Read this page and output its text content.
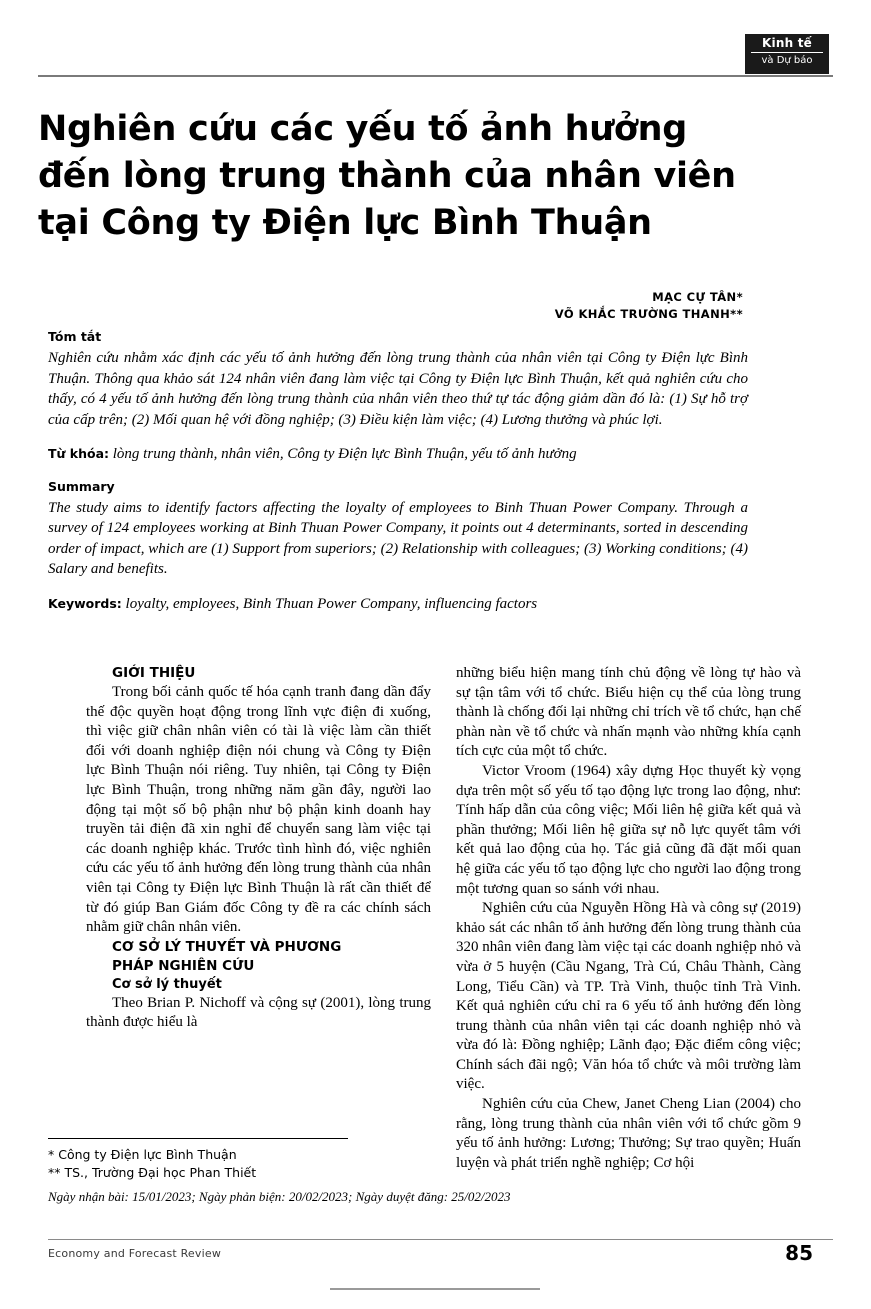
Kinh tế
và Dự báo
Nghiên cứu các yếu tố ảnh hưởng
đến lòng trung thành của nhân viên
tại Công ty Điện lực Bình Thuận
MẠC CỰ TÂN*
VÕ KHẮC TRƯỜNG THANH**

Tóm tắt

Nghiên cứu nhằm xác định các yếu tố ảnh hưởng đến lòng trung thành của nhân viên tại Công ty Điện lực Bình Thuận. Thông qua khảo sát 124 nhân viên đang làm việc tại Công ty Điện lực Bình Thuận, kết quả nghiên cứu cho thấy, có 4 yếu tố ảnh hưởng đến lòng trung thành của nhân viên theo thứ tự tác động giảm dần đó là: (1) Sự hỗ trợ của cấp trên; (2) Mối quan hệ với đồng nghiệp; (3) Điều kiện làm việc; (4) Lương thưởng và phúc lợi.

Từ khóa: lòng trung thành, nhân viên, Công ty Điện lực Bình Thuận, yếu tố ảnh hưởng

Summary

The study aims to identify factors affecting the loyalty of employees to Binh Thuan Power Company. Through a survey of 124 employees working at Binh Thuan Power Company, it points out 4 determinants, sorted in descending order of impact, which are (1) Support from superiors; (2) Relationship with colleagues; (3) Working conditions; (4) Salary and benefits.

Keywords: loyalty, employees, Binh Thuan Power Company, influencing factors

GIỚI THIỆU

Trong bối cảnh quốc tế hóa cạnh tranh đang dần đẩy thế độc quyền hoạt động trong lĩnh vực điện đi xuống, thì việc giữ chân nhân viên có tài là việc làm cần thiết đối với doanh nghiệp điện nói chung và Công ty Điện lực Bình Thuận nói riêng. Tuy nhiên, tại Công ty Điện lực Bình Thuận, trong những năm gần đây, người lao động tại một số bộ phận như bộ phận kinh doanh hay truyền tải điện đã xin nghỉ để chuyển sang làm việc tại các doanh nghiệp khác. Trước tình hình đó, việc nghiên cứu các yếu tố ảnh hưởng đến lòng trung thành của nhân viên tại Công ty Điện lực Bình Thuận là rất cần thiết để từ đó giúp Ban Giám đốc Công ty đề ra các chính sách nhằm giữ chân nhân viên.

CƠ SỞ LÝ THUYẾT VÀ PHƯƠNG

PHÁP NGHIÊN CỨU

Cơ sở lý thuyết

Theo Brian P. Nichoff và cộng sự (2001), lòng trung thành được hiểu là

những biểu hiện mang tính chủ động về lòng tự hào và sự tận tâm với tổ chức. Biểu hiện cụ thể của lòng trung thành là chống đối lại những chỉ trích về tổ chức, hạn chế phàn nàn về tổ chức và nhấn mạnh vào những khía cạnh tích cực của một tổ chức.

Victor Vroom (1964) xây dựng Học thuyết kỳ vọng dựa trên một số yếu tố tạo động lực trong lao động, như: Tính hấp dẫn của công việc; Mối liên hệ giữa kết quả và phần thưởng; Mối liên hệ giữa sự nỗ lực quyết tâm với kết quả lao động của họ. Tác giả cũng đã đặt mối quan hệ giữa các yếu tố tạo động lực cho người lao động trong một tương quan so sánh với nhau.

Nghiên cứu của Nguyễn Hồng Hà và công sự (2019) khảo sát các nhân tố ảnh hưởng đến lòng trung thành của 320 nhân viên đang làm việc tại các doanh nghiệp nhỏ và vừa ở 5 huyện (Cầu Ngang, Trà Cú, Châu Thành, Càng Long, Tiểu Cần) và TP. Trà Vinh, thuộc tỉnh Trà Vinh. Kết quả nghiên cứu chỉ ra 6 yếu tố ảnh hưởng đến lòng trung thành của nhân viên tại các doanh nghiệp nhỏ và vừa đó là: Đồng nghiệp; Lãnh đạo; Đặc điểm công việc; Chính sách đãi ngộ; Văn hóa tổ chức và môi trường làm việc.

Nghiên cứu của Chew, Janet Cheng Lian (2004) cho rằng, lòng trung thành của nhân viên với tổ chức gồm 9 yếu tố ảnh hưởng: Lương; Thưởng; Sự trao quyền; Huấn luyện và phát triển nghề nghiệp; Cơ hội

* Công ty Điện lực Bình Thuận

** TS., Trường Đại học Phan Thiết

Ngày nhận bài: 15/01/2023; Ngày phản biện: 20/02/2023; Ngày duyệt đăng: 25/02/2023

Economy and Forecast Review	85
